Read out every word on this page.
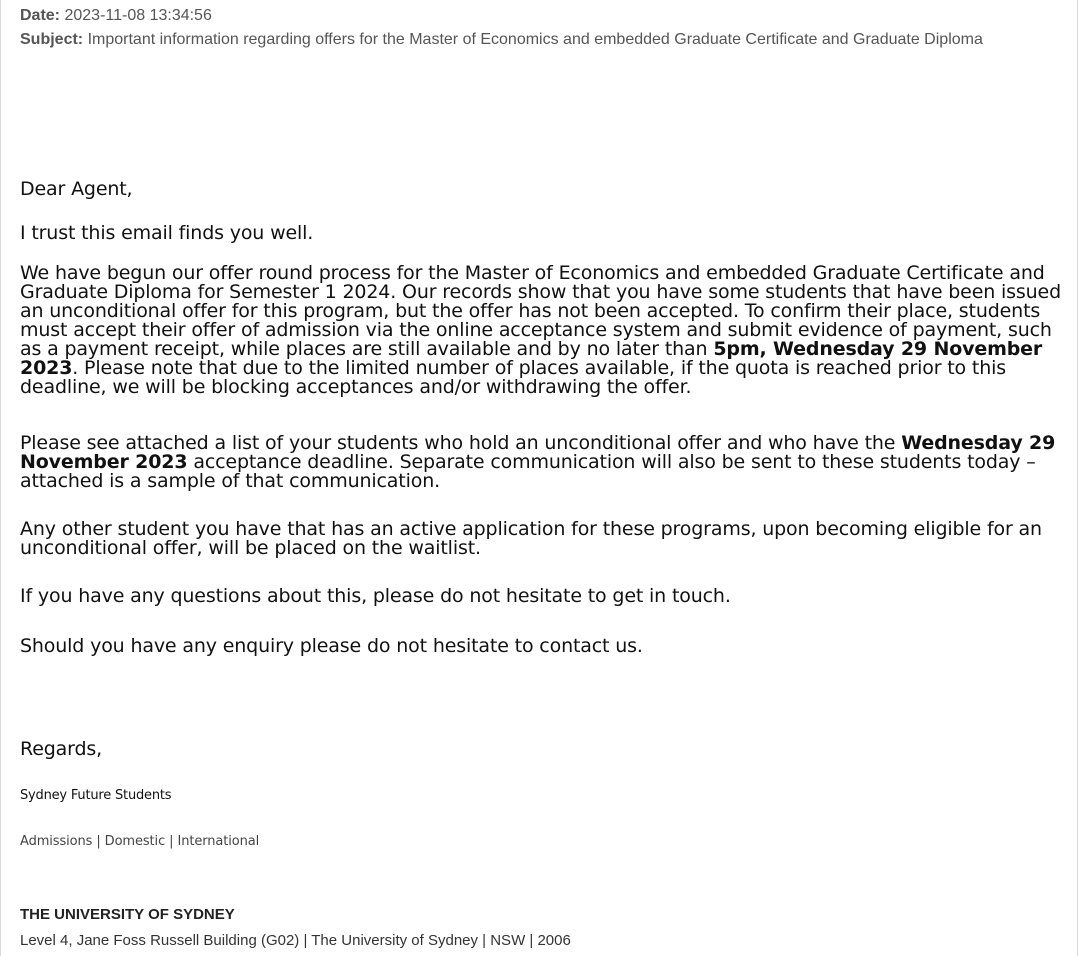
Date: 2023-11-08 13:34:56
Subject: Important information regarding offers for the Master of Economics and embedded Graduate Certificate and Graduate Diploma

Dear Agent,

I trust this email finds you well.

We have begun our offer round process for the Master of Economics and embedded Graduate Certificate and Graduate Diploma for Semester 1 2024. Our records show that you have some students that have been issued an unconditional offer for this program, but the offer has not been accepted. To confirm their place, students must accept their offer of admission via the online acceptance system and submit evidence of payment, such as a payment receipt, while places are still available and by no later than 5pm, Wednesday 29 November 2023. Please note that due to the limited number of places available, if the quota is reached prior to this deadline, we will be blocking acceptances and/or withdrawing the offer.

Please see attached a list of your students who hold an unconditional offer and who have the Wednesday 29 November 2023 acceptance deadline. Separate communication will also be sent to these students today – attached is a sample of that communication.

Any other student you have that has an active application for these programs, upon becoming eligible for an unconditional offer, will be placed on the waitlist.

If you have any questions about this, please do not hesitate to get in touch.

Should you have any enquiry please do not hesitate to contact us.

Regards,

Sydney Future Students
Admissions | Domestic | International
THE UNIVERSITY OF SYDNEY
Level 4, Jane Foss Russell Building (G02) | The University of Sydney | NSW | 2006
